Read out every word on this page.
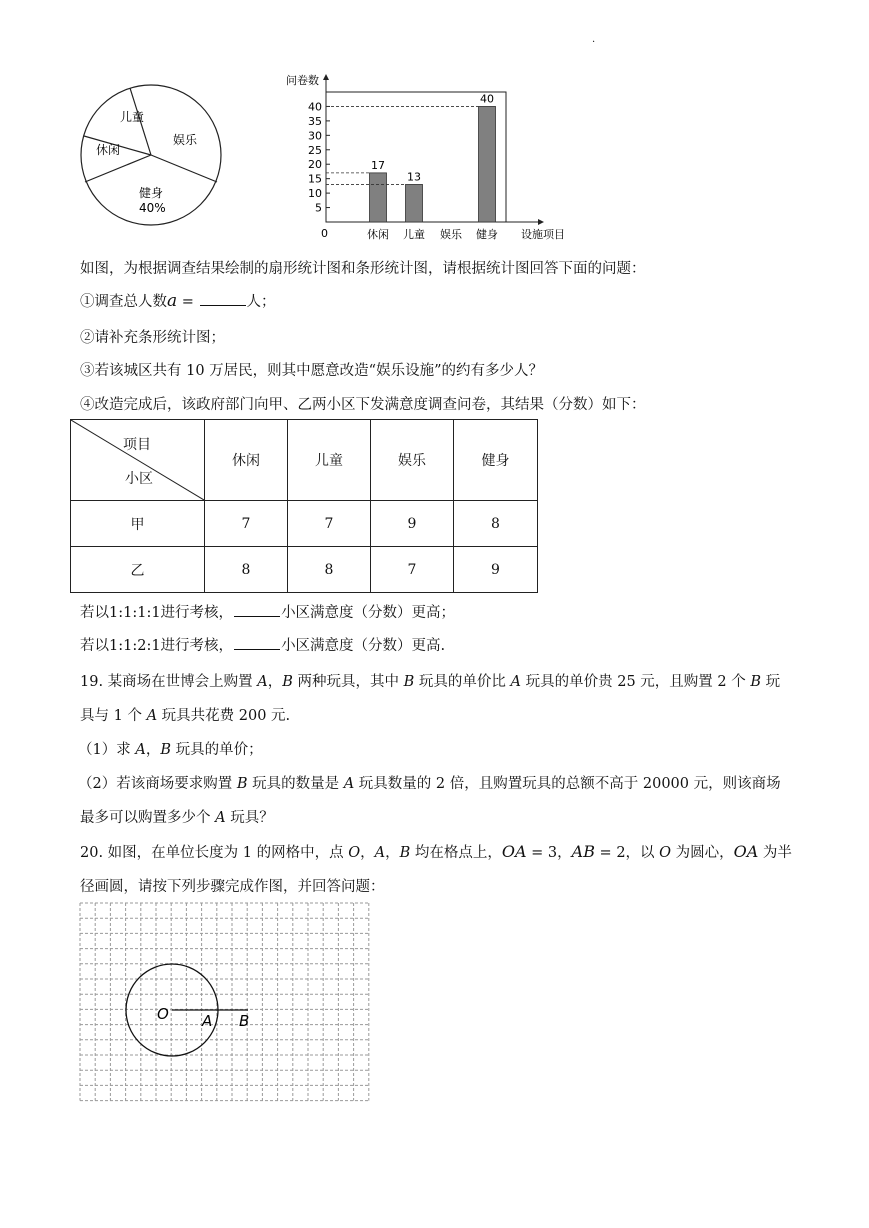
.
儿童
娱乐
休闲
健身
40%
问卷数
0	设施项目
5
10
15
20
25
30
35
40
休闲
17
儿童
13
娱乐 健身
40
如图，为根据调查结果绘制的扇形统计图和条形统计图，请根据统计图回答下面的问题：
①调查总人数a =	人；
②请补充条形统计图；
③若该城区共有 10 万居民，则其中愿意改造“娱乐设施”的约有多少人？
④改造完成后，该政府部门向甲、乙两小区下发满意度调查问卷，其结果（分数）如下：
项目
小区	休闲	儿童	娱乐	健身
甲	7	7	9	8
乙	8	8	7	9
若以1:1:1:1进行考核，	小区满意度（分数）更高；
若以1:1:2:1进行考核，	小区满意度（分数）更高.
19. 某商场在世博会上购置 A，B 两种玩具，其中 B 玩具的单价比 A 玩具的单价贵 25 元，且购置 2 个 B 玩
具与 1 个 A 玩具共花费 200 元.
（1）求 A，B 玩具的单价；
（2）若该商场要求购置 B 玩具的数量是 A 玩具数量的 2 倍，且购置玩具的总额不高于 20000 元，则该商场
最多可以购置多少个 A 玩具？
20. 如图，在单位长度为 1 的网格中，点 O，A，B 均在格点上，OA = 3，AB = 2，以 O 为圆心，OA 为半
径画圆，请按下列步骤完成作图，并回答问题：
O A B
